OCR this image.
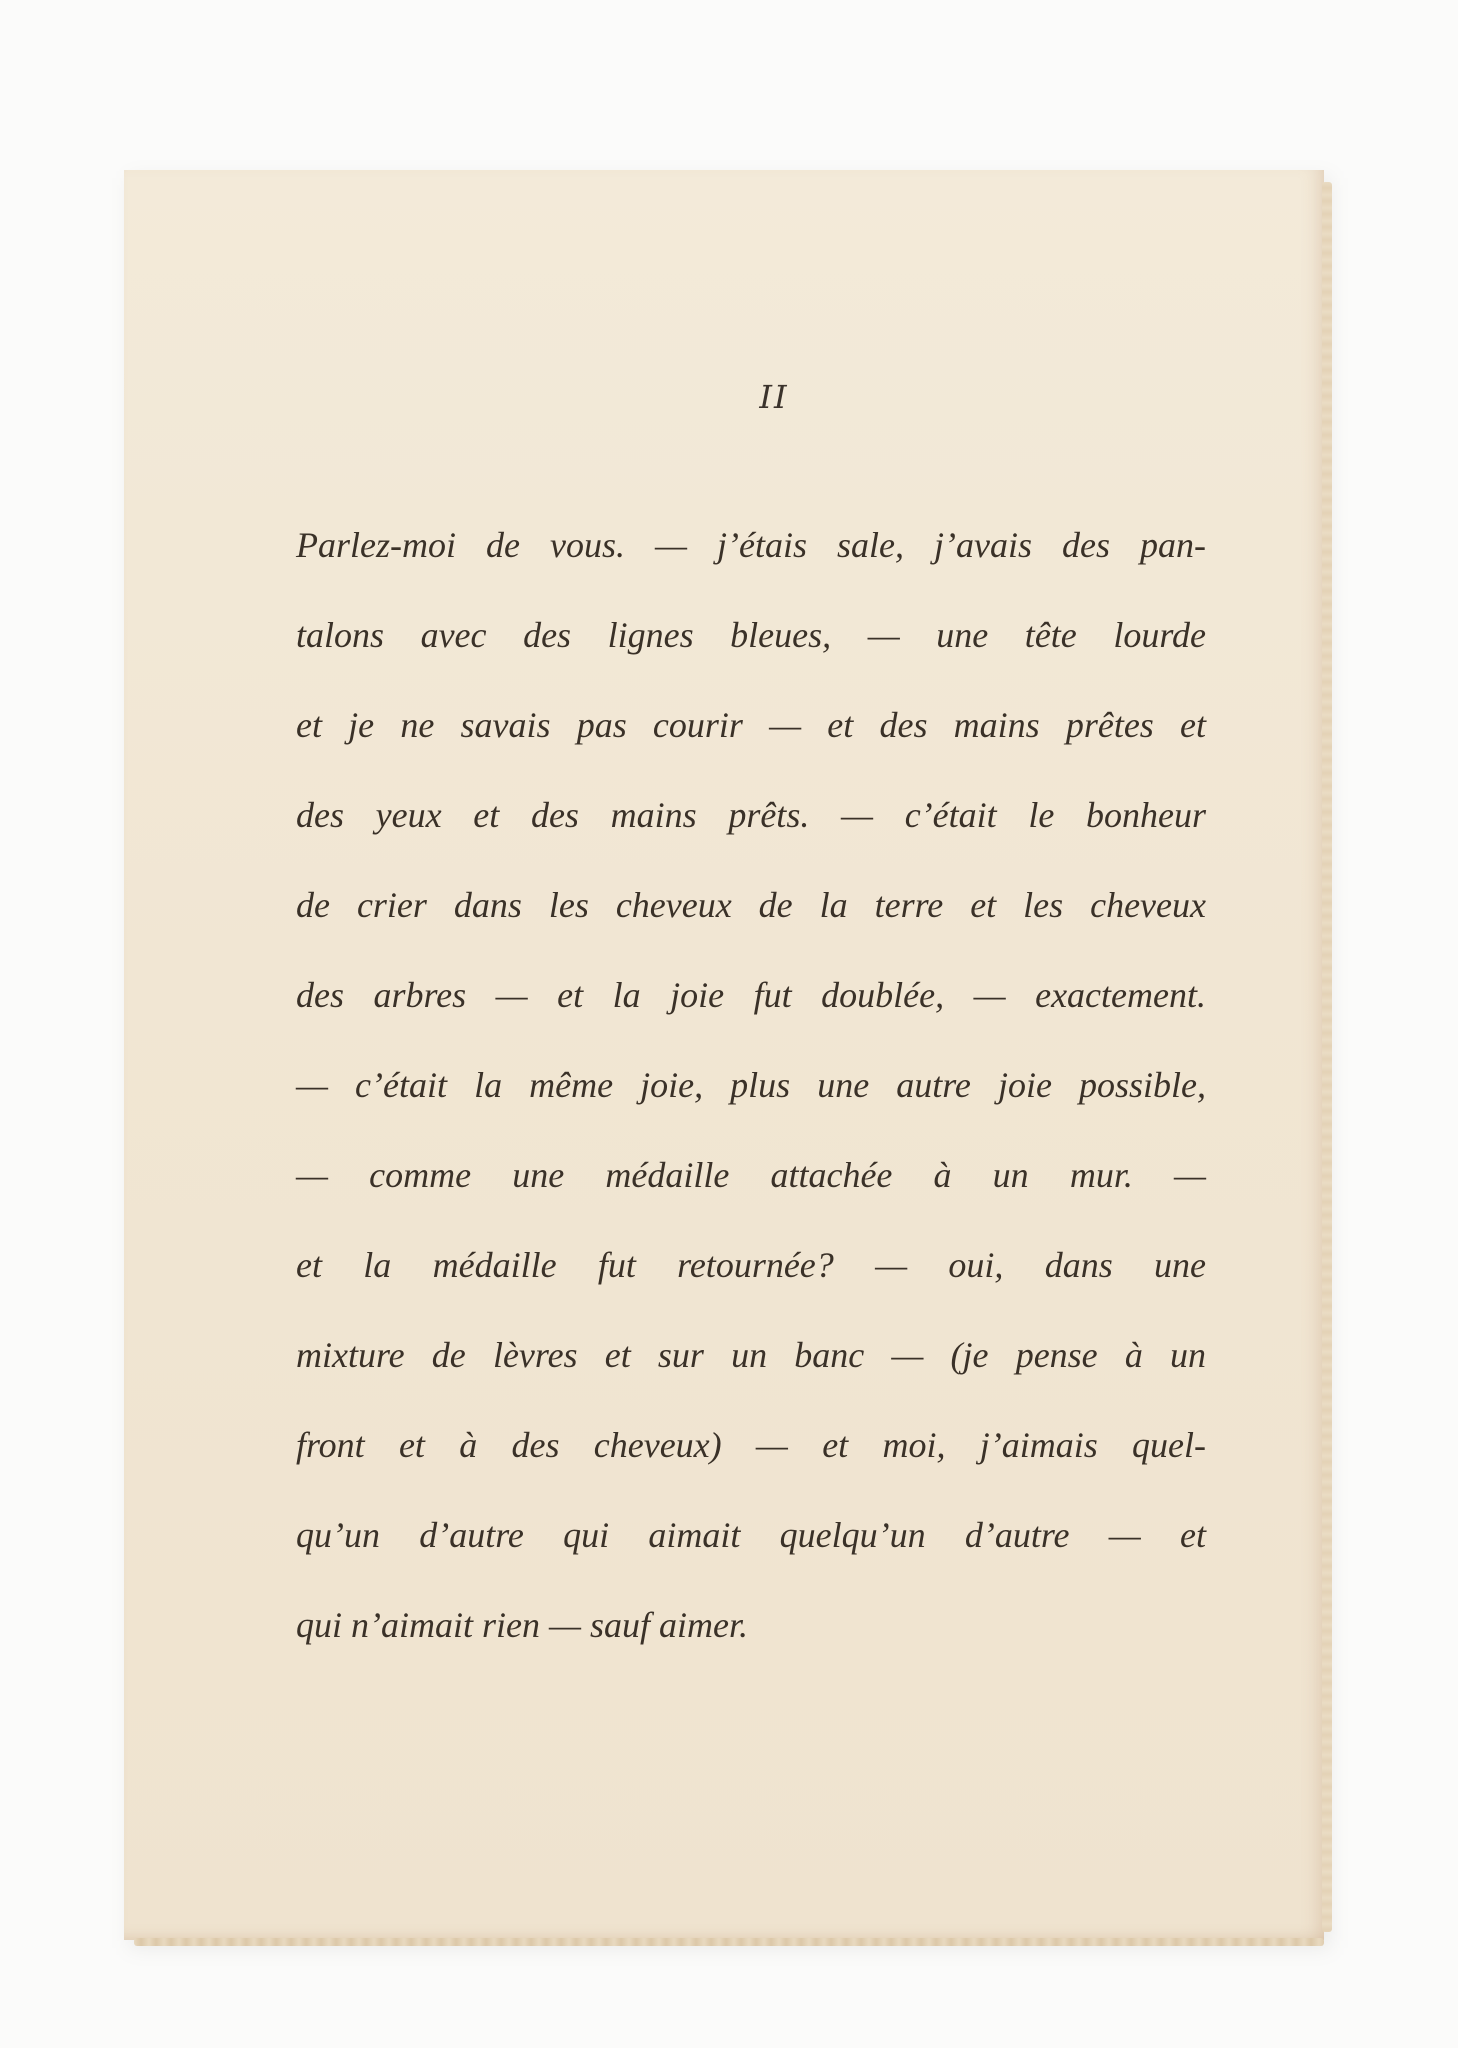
II
Parlez-moi de vous. — j’étais sale, j’avais des pan-
talons avec des lignes bleues, — une tête lourde
et je ne savais pas courir — et des mains prêtes et
des yeux et des mains prêts. — c’était le bonheur
de crier dans les cheveux de la terre et les cheveux
des arbres — et la joie fut doublée, — exactement.
— c’était la même joie, plus une autre joie possible,
— comme une médaille attachée à un mur. —
et la médaille fut retournée? — oui, dans une
mixture de lèvres et sur un banc — (je pense à un
front et à des cheveux) — et moi, j’aimais quel-
qu’un d’autre qui aimait quelqu’un d’autre — et
qui n’aimait rien — sauf aimer.
